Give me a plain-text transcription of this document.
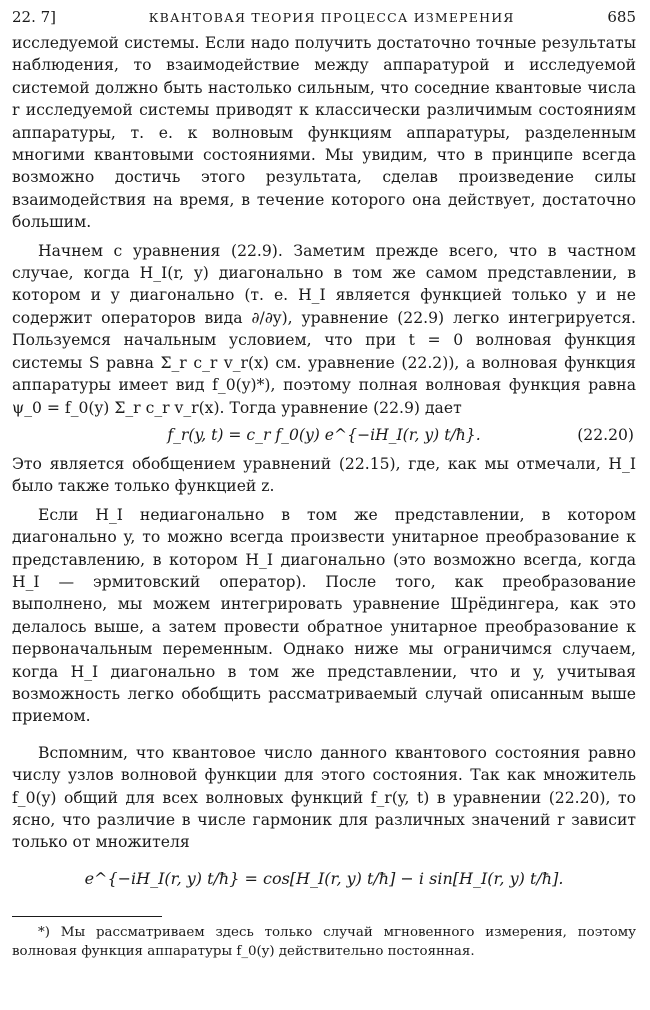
22. 7]	КВАНТОВАЯ ТЕОРИЯ ПРОЦЕССА ИЗМЕРЕНИЯ	685

исследуемой системы. Если надо получить достаточно точные результаты наблюдения, то взаимодействие между аппаратурой и исследуемой системой должно быть настолько сильным, что соседние квантовые числа r исследуемой системы приводят к классически различимым состояниям аппаратуры, т. е. к волновым функциям аппаратуры, разделенным многими квантовыми состояниями. Мы увидим, что в принципе всегда возможно достичь этого результата, сделав произведение силы взаимодействия на время, в течение которого она действует, достаточно большим.

Начнем с уравнения (22.9). Заметим прежде всего, что в частном случае, когда H_I(r, y) диагонально в том же самом представлении, в котором и y диагонально (т. е. H_I является функцией только y и не содержит операторов вида ∂/∂y), уравнение (22.9) легко интегрируется. Пользуемся начальным условием, что при t = 0 волновая функция системы S равна Σ_r c_r v_r(x) см. уравнение (22.2)), а волновая функция аппаратуры имеет вид f_0(y)*), поэтому полная волновая функция равна ψ_0 = f_0(y) Σ_r c_r v_r(x). Тогда уравнение (22.9) дает

f_r(y, t) = c_r f_0(y) e^{−iH_I(r, y) t/ħ}.	(22.20)

Это является обобщением уравнений (22.15), где, как мы отмечали, H_I было также только функцией z.

Если H_I недиагонально в том же представлении, в котором диагонально y, то можно всегда произвести унитарное преобразование к представлению, в котором H_I диагонально (это возможно всегда, когда H_I — эрмитовский оператор). После того, как преобразование выполнено, мы можем интегрировать уравнение Шрёдингера, как это делалось выше, а затем провести обратное унитарное преобразование к первоначальным переменным. Однако ниже мы ограничимся случаем, когда H_I диагонально в том же представлении, что и y, учитывая возможность легко обобщить рассматриваемый случай описанным выше приемом.

Вспомним, что квантовое число данного квантового состояния равно числу узлов волновой функции для этого состояния. Так как множитель f_0(y) общий для всех волновых функций f_r(y, t) в уравнении (22.20), то ясно, что различие в числе гармоник для различных значений r зависит только от множителя

e^{−iH_I(r, y) t/ħ} = cos[H_I(r, y) t/ħ] − i sin[H_I(r, y) t/ħ].

*) Мы рассматриваем здесь только случай мгновенного измерения, поэтому волновая функция аппаратуры f_0(y) действительно постоянная.
